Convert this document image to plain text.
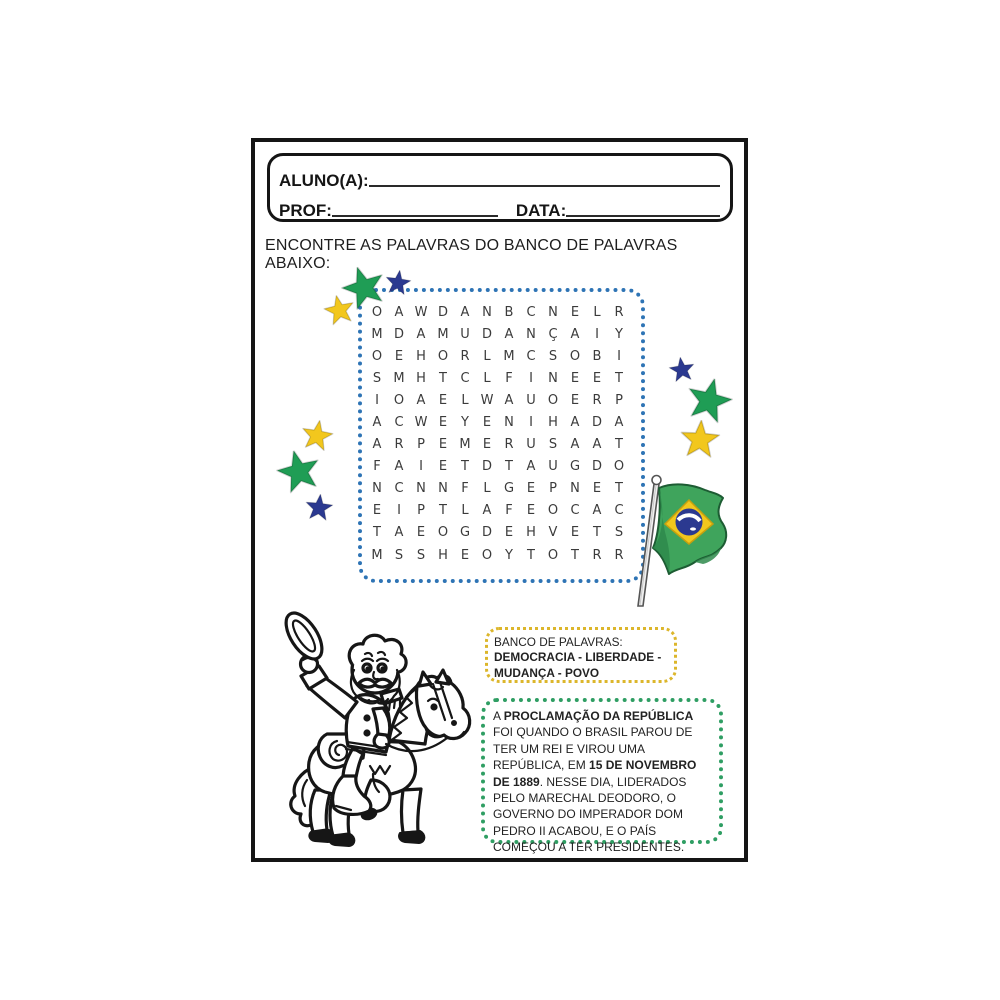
ALUNO(A):
PROF:	DATA:
ENCONTRE AS PALAVRAS DO BANCO DE PALAVRAS ABAIXO:
O A W D A N B	C N	E	L	R
M D A M U D A N Ç	A	I	Y
O E	H O R	L M C	S O B	I
S M H	T	C	L	F	I	N	E	E	T
I	O A	E	L W A U O E	R	P
A	C W E	Y	E	N	I	H A D A
A	R	P	E M E	R U	S	A	A	T
F	A	I	E	T	D	T	A U G D O
N C N N	F	L	G E	P	N	E	T
E	I	P	T	L	A	F	E O C	A	C
T	A	E O G D E	H V	E	T	S
M S	S H	E O Y	T O T	R R
BANCO DE PALAVRAS:
DEMOCRACIA - LIBERDADE -
MUDANÇA - POVO

A PROCLAMAÇÃO DA REPÚBLICA FOI QUANDO O BRASIL PAROU DE TER UM REI E VIROU UMA REPÚBLICA, EM 15 DE NOVEMBRO DE 1889. NESSE DIA, LIDERADOS PELO MARECHAL DEODORO, O GOVERNO DO IMPERADOR DOM PEDRO II ACABOU, E O PAÍS COMEÇOU A TER PRESIDENTES.
